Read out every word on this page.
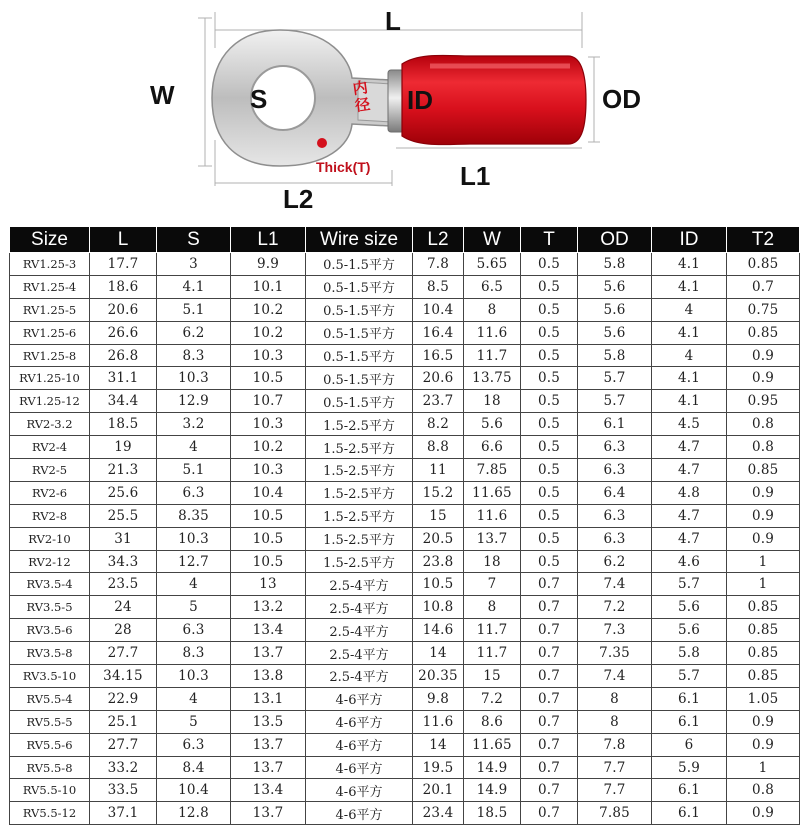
L
W	S	ID	OD
L1
L2
Thick(T)
内径
Size	L	S	L1	Wire size	L2	W	T	OD	ID	T2
RV1.25-3	17.7	3	9.9	0.5-1.5平方	7.8	5.65	0.5	5.8	4.1	0.85
RV1.25-4	18.6	4.1	10.1	0.5-1.5平方	8.5	6.5	0.5	5.6	4.1	0.7
RV1.25-5	20.6	5.1	10.2	0.5-1.5平方	10.4	8	0.5	5.6	4	0.75
RV1.25-6	26.6	6.2	10.2	0.5-1.5平方	16.4	11.6	0.5	5.6	4.1	0.85
RV1.25-8	26.8	8.3	10.3	0.5-1.5平方	16.5	11.7	0.5	5.8	4	0.9
RV1.25-10	31.1	10.3	10.5	0.5-1.5平方	20.6	13.75	0.5	5.7	4.1	0.9
RV1.25-12	34.4	12.9	10.7	0.5-1.5平方	23.7	18	0.5	5.7	4.1	0.95
RV2-3.2	18.5	3.2	10.3	1.5-2.5平方	8.2	5.6	0.5	6.1	4.5	0.8
RV2-4	19	4	10.2	1.5-2.5平方	8.8	6.6	0.5	6.3	4.7	0.8
RV2-5	21.3	5.1	10.3	1.5-2.5平方	11	7.85	0.5	6.3	4.7	0.85
RV2-6	25.6	6.3	10.4	1.5-2.5平方	15.2	11.65	0.5	6.4	4.8	0.9
RV2-8	25.5	8.35	10.5	1.5-2.5平方	15	11.6	0.5	6.3	4.7	0.9
RV2-10	31	10.3	10.5	1.5-2.5平方	20.5	13.7	0.5	6.3	4.7	0.9
RV2-12	34.3	12.7	10.5	1.5-2.5平方	23.8	18	0.5	6.2	4.6	1
RV3.5-4	23.5	4	13	2.5-4平方	10.5	7	0.7	7.4	5.7	1
RV3.5-5	24	5	13.2	2.5-4平方	10.8	8	0.7	7.2	5.6	0.85
RV3.5-6	28	6.3	13.4	2.5-4平方	14.6	11.7	0.7	7.3	5.6	0.85
RV3.5-8	27.7	8.3	13.7	2.5-4平方	14	11.7	0.7	7.35	5.8	0.85
RV3.5-10	34.15	10.3	13.8	2.5-4平方	20.35	15	0.7	7.4	5.7	0.85
RV5.5-4	22.9	4	13.1	4-6平方	9.8	7.2	0.7	8	6.1	1.05
RV5.5-5	25.1	5	13.5	4-6平方	11.6	8.6	0.7	8	6.1	0.9
RV5.5-6	27.7	6.3	13.7	4-6平方	14	11.65	0.7	7.8	6	0.9
RV5.5-8	33.2	8.4	13.7	4-6平方	19.5	14.9	0.7	7.7	5.9	1
RV5.5-10	33.5	10.4	13.4	4-6平方	20.1	14.9	0.7	7.7	6.1	0.8
RV5.5-12	37.1	12.8	13.7	4-6平方	23.4	18.5	0.7	7.85	6.1	0.9
